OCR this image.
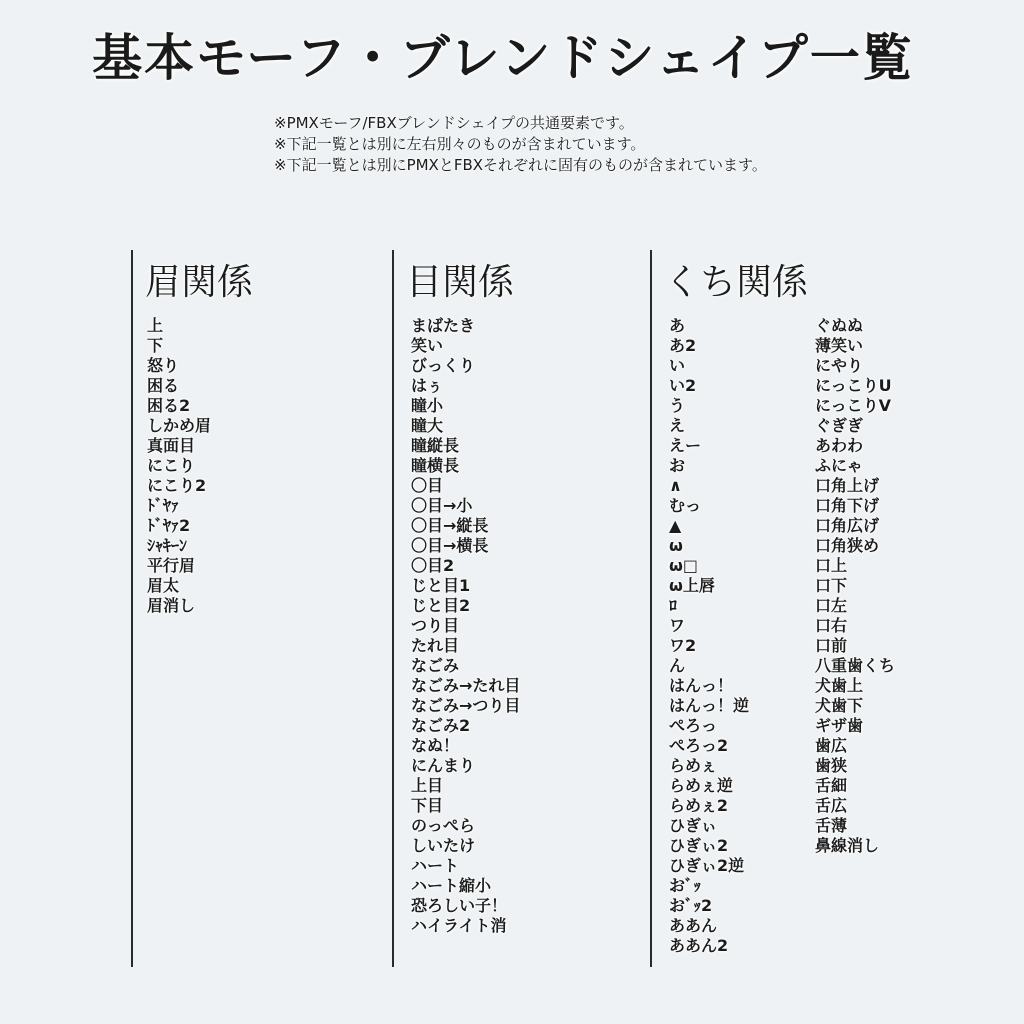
基本モーフ・ブレンドシェイプ一覧
※PMXモーフ/FBXブレンドシェイプの共通要素です。
※下記一覧とは別に左右別々のものが含まれています。
※下記一覧とは別にPMXとFBXそれぞれに固有のものが含まれています。
眉関係
上
下
怒り
困る
困る2
しかめ眉
真面目
にこり
にこり2
ﾄﾞﾔｧ
ﾄﾞﾔｧ2
ｼｬｷｰﾝ
平行眉
眉太
眉消し
目関係
まばたき
笑い
びっくり
はぅ
瞳小
瞳大
瞳縦長
瞳横長
〇目
〇目→小
〇目→縦長
〇目→横長
〇目2
じと目1
じと目2
つり目
たれ目
なごみ
なごみ→たれ目
なごみ→つり目
なごみ2
なぬ！
にんまり
上目
下目
のっぺら
しいたけ
ハート
ハート縮小
恐ろしい子！
ハイライト消
くち関係
あ
あ2
い
い2
う
え
えー
お
∧
むっ
▲
ω
ω□
ω上唇
ﾛ
ワ
ワ2
ん
はんっ！
はんっ！逆
ぺろっ
ぺろっ2
らめぇ
らめぇ逆
らめぇ2
ひぎぃ
ひぎぃ2
ひぎぃ2逆
おﾞｯ
おﾞｯ2
ああん
ああん2
ぐぬぬ
薄笑い
にやり
にっこりU
にっこりV
ぐぎぎ
あわわ
ふにゃ
口角上げ
口角下げ
口角広げ
口角狭め
口上
口下
口左
口右
口前
八重歯くち
犬歯上
犬歯下
ギザ歯
歯広
歯狭
舌細
舌広
舌薄
鼻線消し
